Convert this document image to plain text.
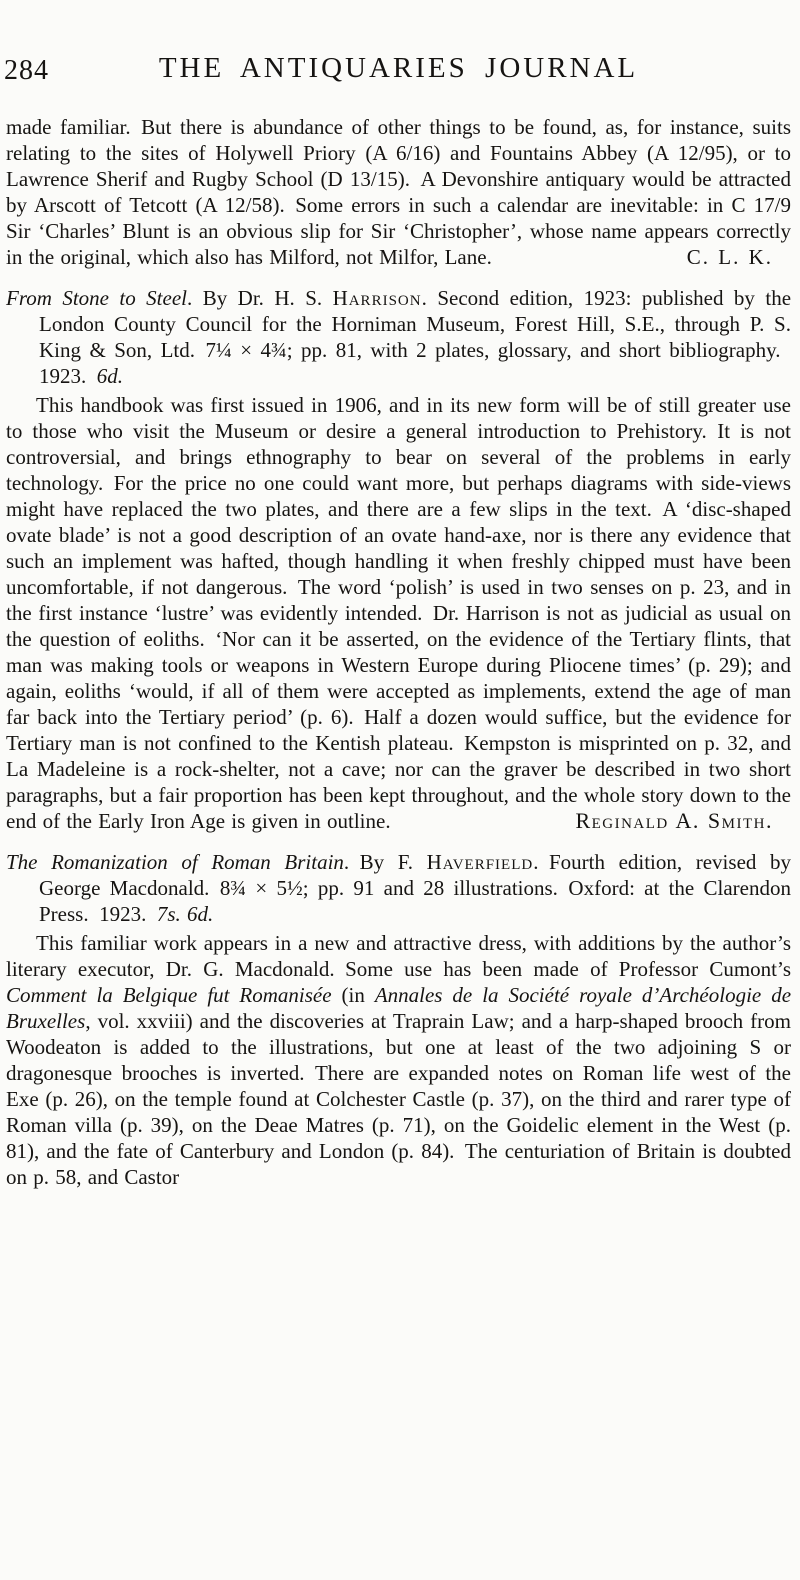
284	THE ANTIQUARIES JOURNAL

made familiar. But there is abundance of other things to be found, as, for instance, suits relating to the sites of Holywell Priory (A 6/16) and Fountains Abbey (A 12/95), or to Lawrence Sherif and Rugby School (D 13/15). A Devonshire antiquary would be attracted by Arscott of Tetcott (A 12/58). Some errors in such a calendar are inevitable: in C 17/9 Sir ‘Charles’ Blunt is an obvious slip for Sir ‘Christopher’, whose name appears correctly in the original, which also has Milford, not Milfor, Lane.	C. L. K.

From Stone to Steel. By Dr. H. S. Harrison. Second edition, 1923: published by the London County Council for the Horniman Museum, Forest Hill, S.E., through P. S. King & Son, Ltd. 7¼ × 4¾; pp. 81, with 2 plates, glossary, and short bibliography. 1923. 6d.

This handbook was first issued in 1906, and in its new form will be of still greater use to those who visit the Museum or desire a general introduction to Prehistory. It is not controversial, and brings ethnography to bear on several of the problems in early technology. For the price no one could want more, but perhaps diagrams with side-views might have replaced the two plates, and there are a few slips in the text. A ‘disc-shaped ovate blade’ is not a good description of an ovate hand-axe, nor is there any evidence that such an implement was hafted, though handling it when freshly chipped must have been uncomfortable, if not dangerous. The word ‘polish’ is used in two senses on p. 23, and in the first instance ‘lustre’ was evidently intended. Dr. Harrison is not as judicial as usual on the question of eoliths. ‘Nor can it be asserted, on the evidence of the Tertiary flints, that man was making tools or weapons in Western Europe during Pliocene times’ (p. 29); and again, eoliths ‘would, if all of them were accepted as implements, extend the age of man far back into the Tertiary period’ (p. 6). Half a dozen would suffice, but the evidence for Tertiary man is not confined to the Kentish plateau. Kempston is misprinted on p. 32, and La Madeleine is a rock-shelter, not a cave; nor can the graver be described in two short paragraphs, but a fair proportion has been kept throughout, and the whole story down to the end of the Early Iron Age is given in outline.	Reginald A. Smith.

The Romanization of Roman Britain. By F. Haverfield. Fourth edition, revised by George Macdonald. 8¾ × 5½; pp. 91 and 28 illustrations. Oxford: at the Clarendon Press. 1923. 7s. 6d.

This familiar work appears in a new and attractive dress, with additions by the author’s literary executor, Dr. G. Macdonald. Some use has been made of Professor Cumont’s Comment la Belgique fut Romanisée (in Annales de la Société royale d’Archéologie de Bruxelles, vol. xxviii) and the discoveries at Traprain Law; and a harp-shaped brooch from Woodeaton is added to the illustrations, but one at least of the two adjoining S or dragonesque brooches is inverted. There are expanded notes on Roman life west of the Exe (p. 26), on the temple found at Colchester Castle (p. 37), on the third and rarer type of Roman villa (p. 39), on the Deae Matres (p. 71), on the Goidelic element in the West (p. 81), and the fate of Canterbury and London (p. 84). The centuriation of Britain is doubted on p. 58, and Castor
